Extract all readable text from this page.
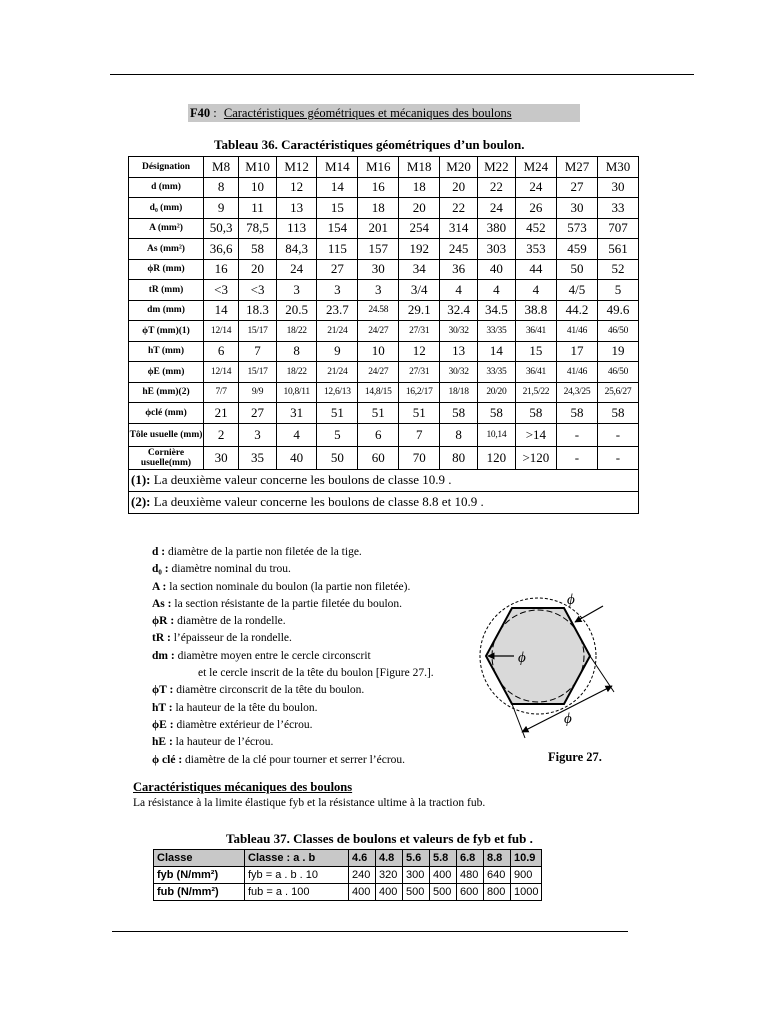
F40 : Caractéristiques géométriques et mécaniques des boulons
Tableau 36. Caractéristiques géométriques d’un boulon.
Désignation	M8	M10	M12	M14	M16	M18	M20	M22	M24	M27	M30
d (mm)	8	10	12	14	16	18	20	22	24	27	30
d₀ (mm)	9	11	13	15	18	20	22	24	26	30	33
A (mm²)	50,3	78,5	113	154	201	254	314	380	452	573	707
As (mm²)	36,6	58	84,3	115	157	192	245	303	353	459	561
ϕR (mm)	16	20	24	27	30	34	36	40	44	50	52
tR (mm)	<3	<3	3	3	3	3/4	4	4	4	4/5	5
dm (mm)	14	18.3	20.5	23.7	24.58	29.1	32.4	34.5	38.8	44.2	49.6
ϕT (mm)(1)	12/14	15/17	18/22	21/24	24/27	27/31	30/32	33/35	36/41	41/46	46/50
hT (mm)	6	7	8	9	10	12	13	14	15	17	19
ϕE (mm)	12/14	15/17	18/22	21/24	24/27	27/31	30/32	33/35	36/41	41/46	46/50
hE (mm)(2)	7/7	9/9	10,8/11	12,6/13	14,8/15	16,2/17	18/18	20/20	21,5/22	24,3/25	25,6/27
ϕclé (mm)	21	27	31	51	51	51	58	58	58	58	58
Tôle usuelle (mm)	2	3	4	5	6	7	8	10,14	>14	-	-
Cornière usuelle(mm)	30	35	40	50	60	70	80	120	>120	-	-
(1): La deuxième valeur concerne les boulons de classe 10.9 .											
(2): La deuxième valeur concerne les boulons de classe 8.8 et 10.9 .											
d : diamètre de la partie non filetée de la tige.
d₀ : diamètre nominal du trou.
A : la section nominale du boulon (la partie non filetée).
As : la section résistante de la partie filetée du boulon.
ϕR : diamètre de la rondelle.
tR : l’épaisseur de la rondelle.
dm : diamètre moyen entre le cercle circonscrit
et le cercle inscrit de la tête du boulon [Figure 27.].
ϕT : diamètre circonscrit de la tête du boulon.
hT : la hauteur de la tête du boulon.
ϕE : diamètre extérieur de l’écrou.
hE : la hauteur de l’écrou.
ϕ clé : diamètre de la clé pour tourner et serrer l’écrou.
ϕ
ϕ
ϕ
Figure 27.
Caractéristiques mécaniques des boulons
La résistance à la limite élastique fyb et la résistance ultime à la traction fub.
Tableau 37. Classes de boulons et valeurs de fyb et fub .
Classe	Classe : a . b	4.6	4.8	5.6	5.8	6.8	8.8	10.9
fyb (N/mm²)	fyb = a . b . 10	240	320	300	400	480	640	900
fub (N/mm²)	fub = a . 100	400	400	500	500	600	800	1000
